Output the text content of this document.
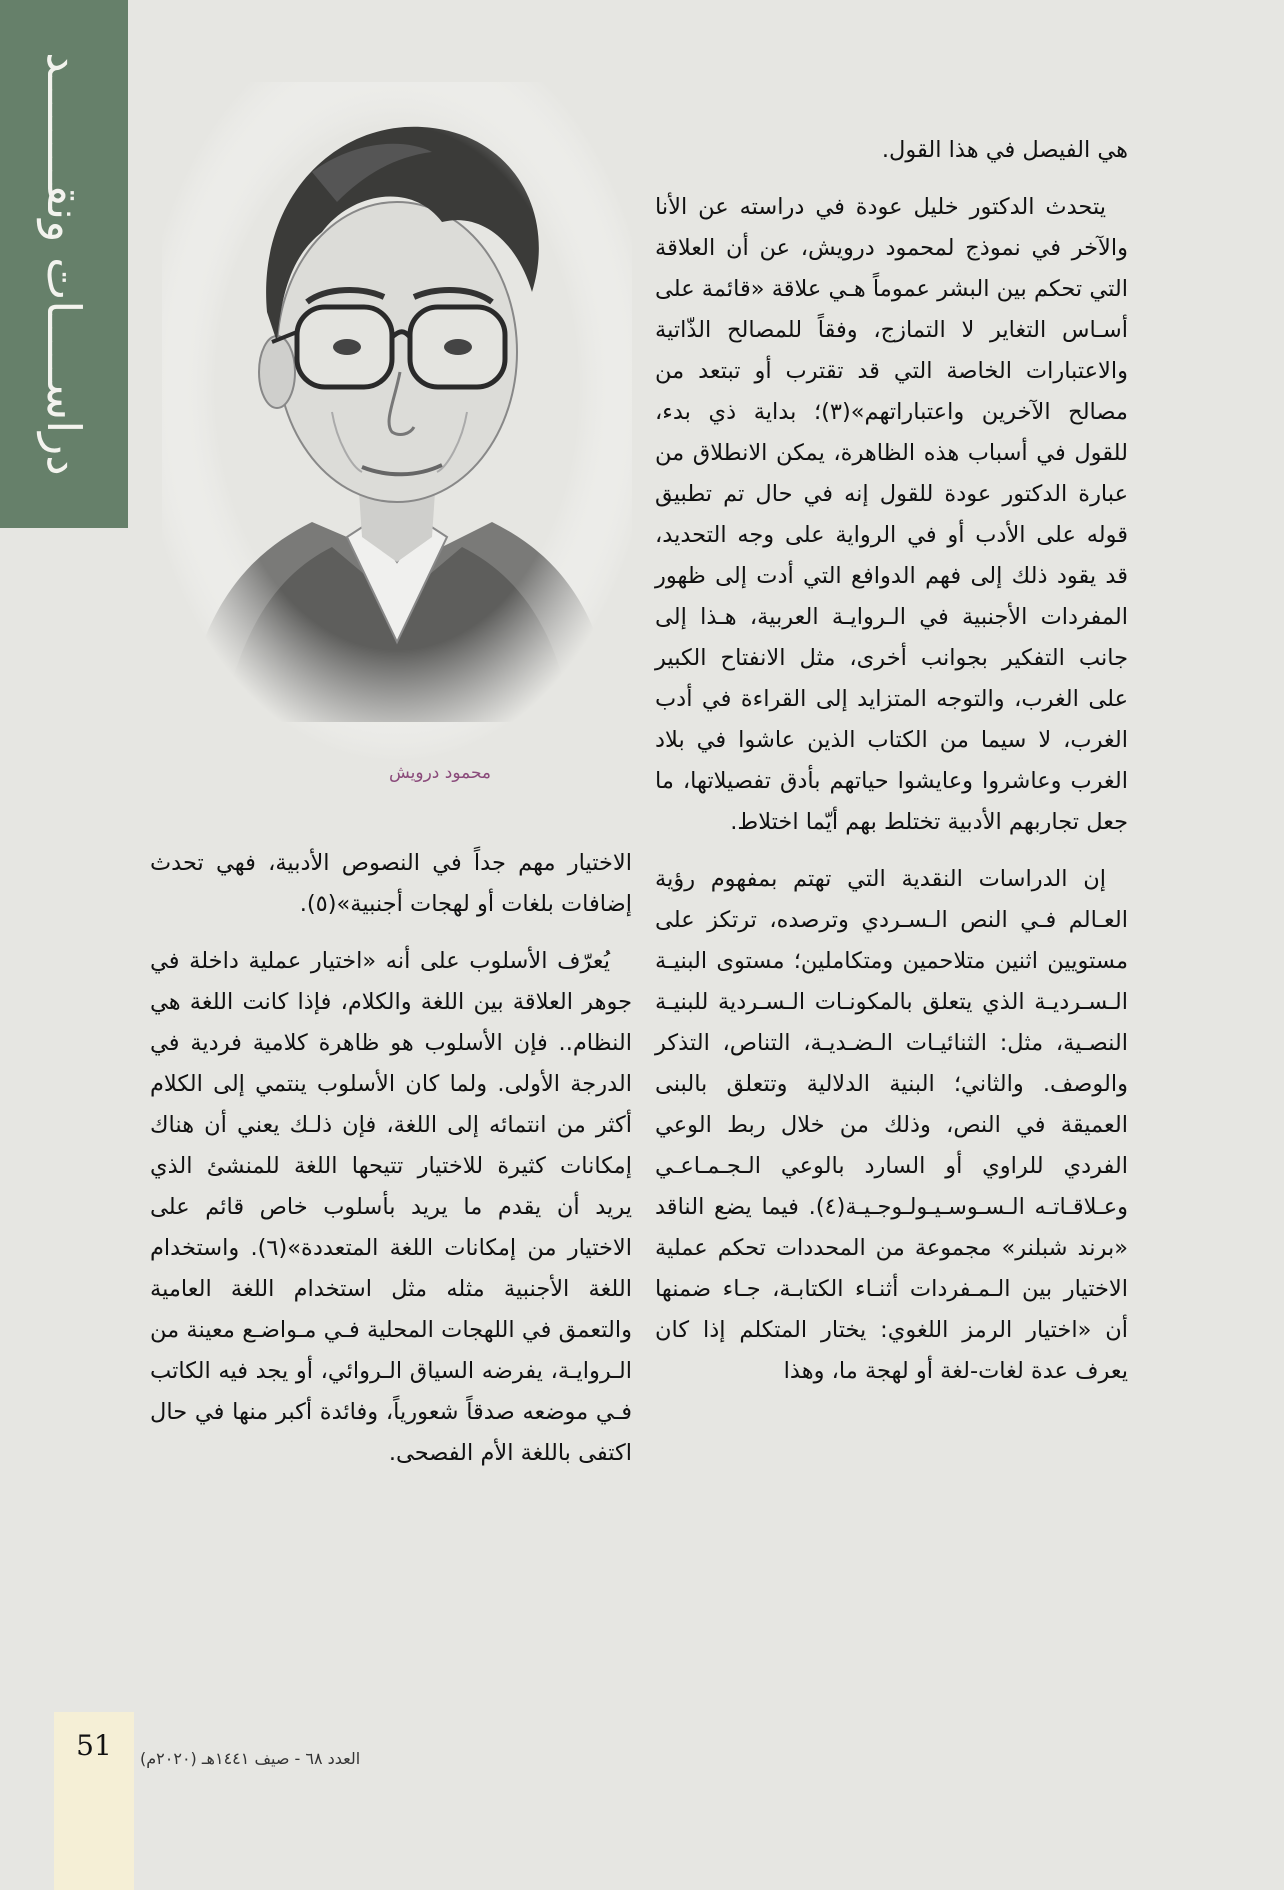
دراســـــات ونقــــــــد
محمود درويش

هي الفيصل في هذا القول.

يتحدث الدكتور خليل عودة في دراسته عن الأنا والآخر في نموذج لمحمود درويش، عن أن العلاقة التي تحكم بين البشر عموماً هـي علاقة «قائمة على أسـاس التغاير لا التمازج، وفقاً للمصالح الذّاتية والاعتبارات الخاصة التي قد تقترب أو تبتعد من مصالح الآخرين واعتباراتهم»(٣)؛ بداية ذي بدء، للقول في أسباب هذه الظاهرة، يمكن الانطلاق من عبارة الدكتور عودة للقول إنه في حال تم تطبيق قوله على الأدب أو في الرواية على وجه التحديد، قد يقود ذلك إلى فهم الدوافع التي أدت إلى ظهور المفردات الأجنبية في الـروايـة العربية، هـذا إلى جانب التفكير بجوانب أخرى، مثل الانفتاح الكبير على الغرب، والتوجه المتزايد إلى القراءة في أدب الغرب، لا سيما من الكتاب الذين عاشوا في بلاد الغرب وعاشروا وعايشوا حياتهم بأدق تفصيلاتها، ما جعل تجاربهم الأدبية تختلط بهم أيّما اختلاط.

إن الدراسات النقدية التي تهتم بمفهوم رؤية العـالم فـي النص الـسـردي وترصده، ترتكز على مستويين اثنين متلاحمين ومتكاملين؛ مستوى البنيـة الـسـرديـة الذي يتعلق بالمكونـات الـسـردية للبنيـة النصـية، مثل: الثنائيـات الـضـديـة، التناص، التذكر والوصف. والثاني؛ البنية الدلالية وتتعلق بالبنى العميقة في النص، وذلك من خلال ربط الوعي الفردي للراوي أو السارد بالوعي الـجـمـاعـي وعـلاقـاتـه الـسـوسـيـولـوجـيـة(٤). فيما يضع الناقد «برند شبلنر» مجموعة من المحددات تحكم عملية الاختيار بين الـمـفردات أثنـاء الكتابـة، جـاء ضمنها أن «اختيار الرمز اللغوي: يختار المتكلم إذا كان يعرف عدة لغات-لغة أو لهجة ما، وهذا

الاختيار مهم جداً في النصوص الأدبية، فهي تحدث إضافات بلغات أو لهجات أجنبية»(٥).

يُعرّف الأسلوب على أنه «اختيار عملية داخلة في جوهر العلاقة بين اللغة والكلام، فإذا كانت اللغة هي النظام.. فإن الأسلوب هو ظاهرة كلامية فردية في الدرجة الأولى. ولما كان الأسلوب ينتمي إلى الكلام أكثر من انتمائه إلى اللغة، فإن ذلـك يعني أن هناك إمكانات كثيرة للاختيار تتيحها اللغة للمنشئ الذي يريد أن يقدم ما يريد بأسلوب خاص قائم على الاختيار من إمكانات اللغة المتعددة»(٦). واستخدام اللغة الأجنبية مثله مثل استخدام اللغة العامية والتعمق في اللهجات المحلية فـي مـواضـع معينة من الـروايـة، يفرضه السياق الـروائي، أو يجد فيه الكاتب فـي موضعه صدقاً شعورياً، وفائدة أكبر منها في حال اكتفى باللغة الأم الفصحى.

51	العدد ٦٨ - صيف ١٤٤١هـ (٢٠٢٠م)
